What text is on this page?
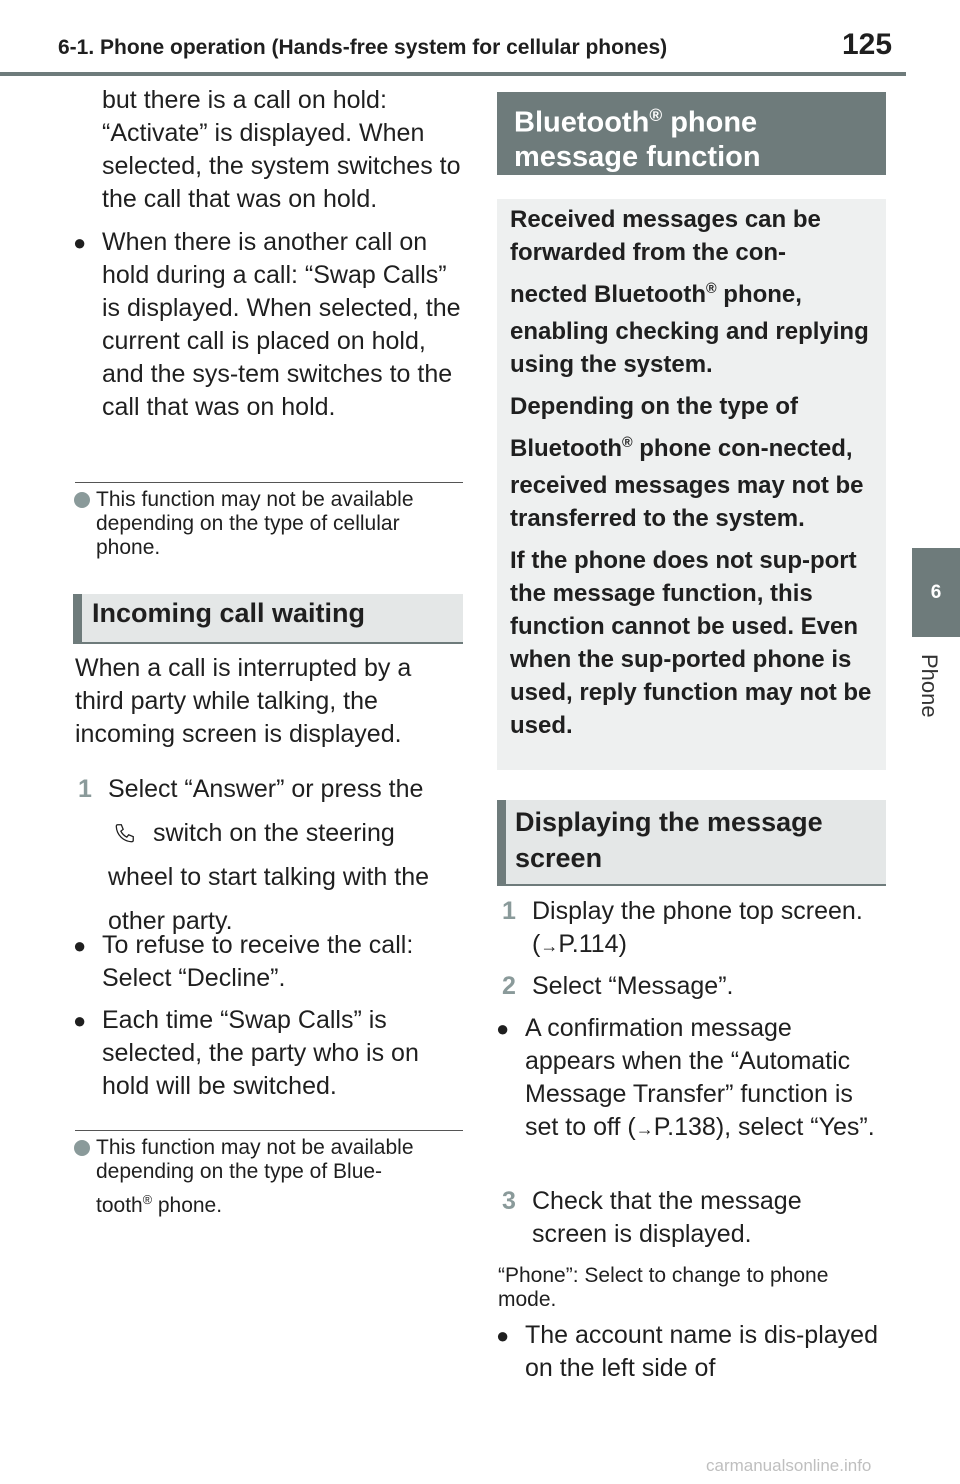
6-1. Phone operation (Hands-free system for cellular phones)	125
6
Phone
but there is a call on hold: “Activate” is displayed. When selected, the system switches to the call that was on hold.
● When there is another call on hold during a call: “Swap Calls” is displayed. When selected, the current call is placed on hold, and the sys-tem switches to the call that was on hold.
This function may not be available depending on the type of cellular phone.
Incoming call waiting
When a call is interrupted by a third party while talking, the incoming screen is displayed.
1 Select “Answer” or press the
switch on the steering
wheel to start talking with the
other party.
● To refuse to receive the call: Select “Decline”.
● Each time “Swap Calls” is selected, the party who is on hold will be switched.
This function may not be available depending on the type of Blue-
tooth® phone.
Bluetooth® phone
message function

Received messages can be forwarded from the con-
nected Bluetooth® phone, enabling checking and replying using the system.

Depending on the type of
Bluetooth® phone con-nected, received messages may not be transferred to the system.

If the phone does not sup-port the message function, this function cannot be used. Even when the sup-ported phone is used, reply function may not be used.

Displaying the message screen
1 Display the phone top screen. (→P.114)
2 Select “Message”.
● A confirmation message appears when the “Automatic Message Transfer” function is set to off (→P.138), select “Yes”.
3 Check that the message screen is displayed.
“Phone”: Select to change to phone mode.
● The account name is dis-played on the left side of
carmanualsonline.info
